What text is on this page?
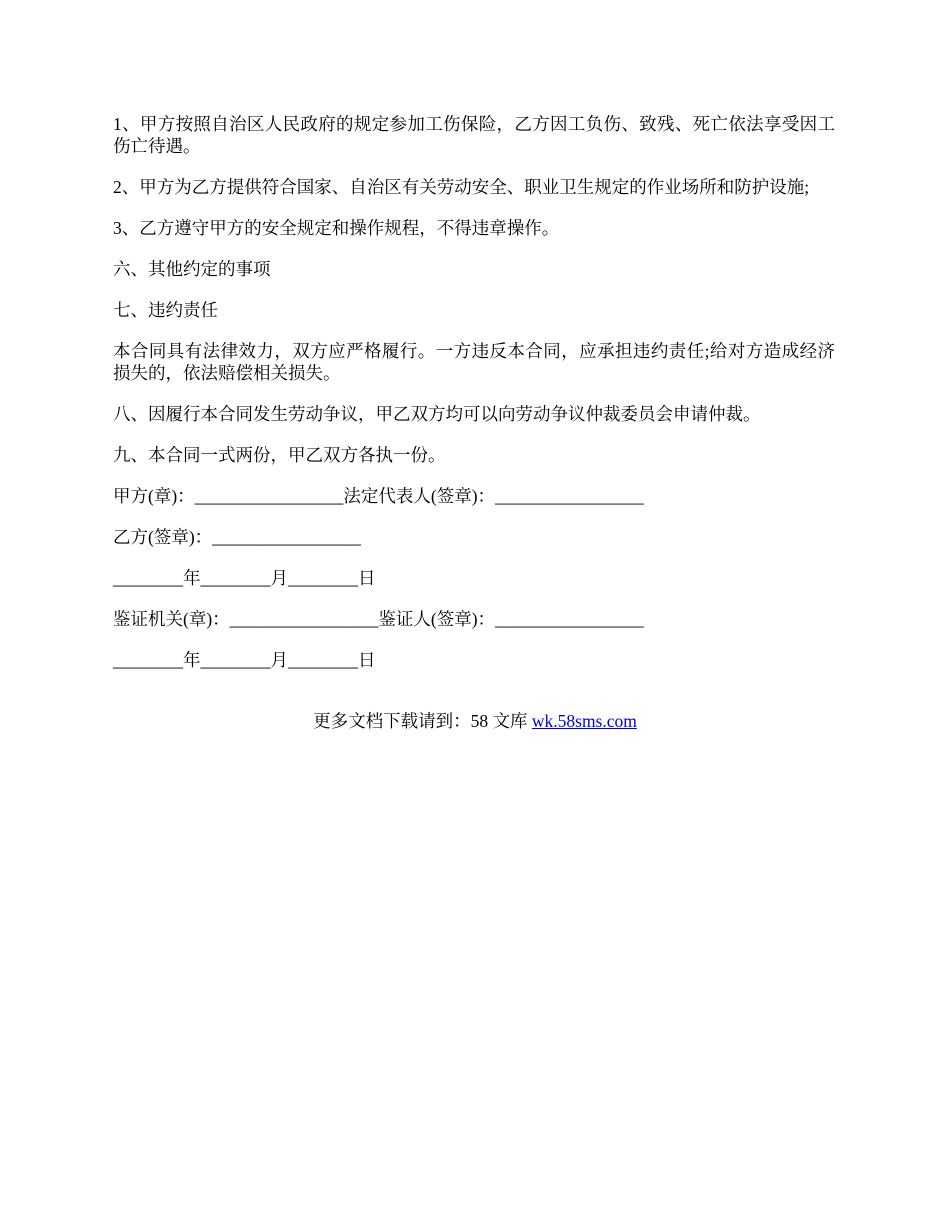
1、甲方按照自治区人民政府的规定参加工伤保险，乙方因工负伤、致残、死亡依法享受因工伤亡待遇。

2、甲方为乙方提供符合国家、自治区有关劳动安全、职业卫生规定的作业场所和防护设施;

3、乙方遵守甲方的安全规定和操作规程，不得违章操作。

六、其他约定的事项

七、违约责任

本合同具有法律效力，双方应严格履行。一方违反本合同，应承担违约责任;给对方造成经济损失的，依法赔偿相关损失。

八、因履行本合同发生劳动争议，甲乙双方均可以向劳动争议仲裁委员会申请仲裁。

九、本合同一式两份，甲乙双方各执一份。

甲方(章)：_________________法定代表人(签章)：_________________

乙方(签章)：_________________

________年________月________日

鉴证机关(章)：_________________鉴证人(签章)：_________________

________年________月________日

更多文档下载请到：58 文库 wk.58sms.com
